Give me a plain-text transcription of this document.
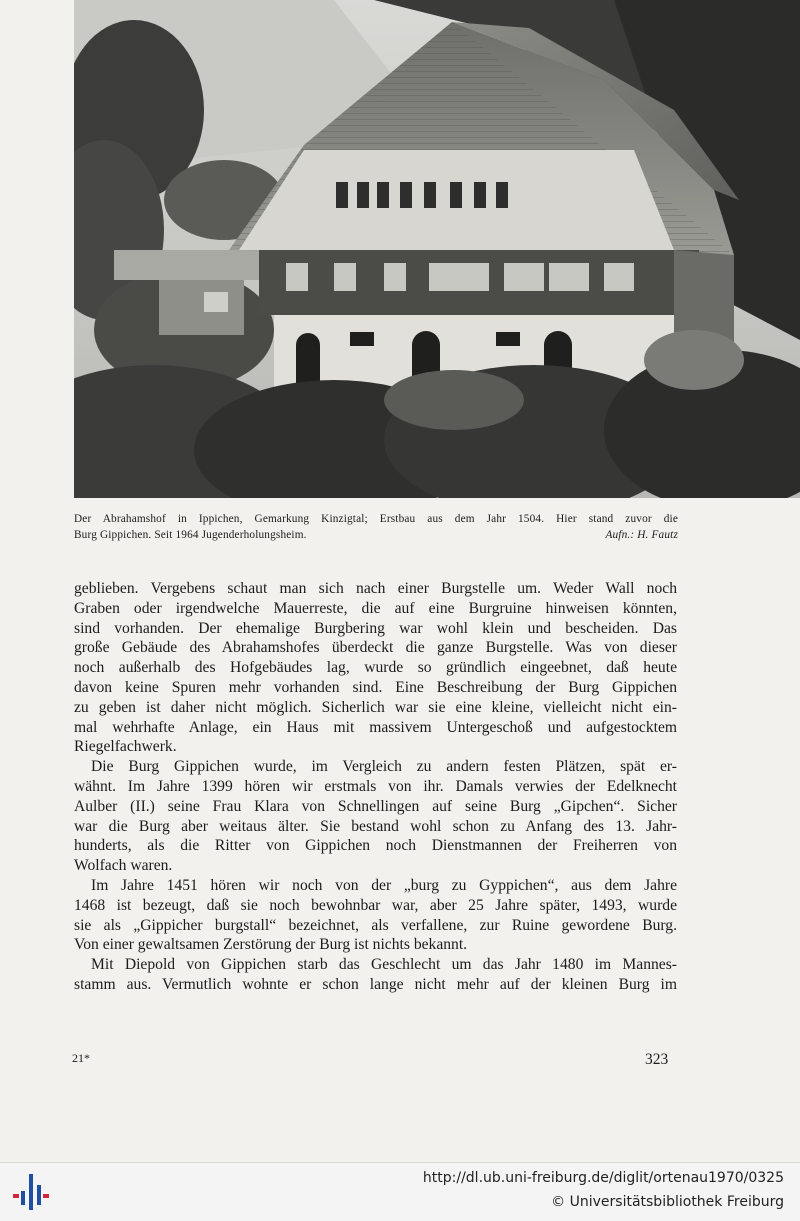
Der Abrahamshof in Ippichen, Gemarkung Kinzigtal; Erstbau aus dem Jahr 1504. Hier stand zuvor die
Burg Gippichen. Seit 1964 Jugenderholungsheim.	Aufn.: H. Fautz
geblieben. Vergebens schaut man sich nach einer Burgstelle um. Weder Wall noch
Graben oder irgendwelche Mauerreste, die auf eine Burgruine hinweisen könnten,
sind vorhanden. Der ehemalige Burgbering war wohl klein und bescheiden. Das
große Gebäude des Abrahamshofes überdeckt die ganze Burgstelle. Was von dieser
noch außerhalb des Hofgebäudes lag, wurde so gründlich eingeebnet, daß heute
davon keine Spuren mehr vorhanden sind. Eine Beschreibung der Burg Gippichen
zu geben ist daher nicht möglich. Sicherlich war sie eine kleine, vielleicht nicht ein-
mal wehrhafte Anlage, ein Haus mit massivem Untergeschoß und aufgestocktem
Riegelfachwerk.
Die Burg Gippichen wurde, im Vergleich zu andern festen Plätzen, spät er-
wähnt. Im Jahre 1399 hören wir erstmals von ihr. Damals verwies der Edelknecht
Aulber (II.) seine Frau Klara von Schnellingen auf seine Burg „Gipchen“. Sicher
war die Burg aber weitaus älter. Sie bestand wohl schon zu Anfang des 13. Jahr-
hunderts, als die Ritter von Gippichen noch Dienstmannen der Freiherren von
Wolfach waren.
Im Jahre 1451 hören wir noch von der „burg zu Gyppichen“, aus dem Jahre
1468 ist bezeugt, daß sie noch bewohnbar war, aber 25 Jahre später, 1493, wurde
sie als „Gippicher burgstall“ bezeichnet, als verfallene, zur Ruine gewordene Burg.
Von einer gewaltsamen Zerstörung der Burg ist nichts bekannt.
Mit Diepold von Gippichen starb das Geschlecht um das Jahr 1480 im Mannes-
stamm aus. Vermutlich wohnte er schon lange nicht mehr auf der kleinen Burg im
21*	323
http://dl.ub.uni-freiburg.de/diglit/ortenau1970/0325
© Universitätsbibliothek Freiburg
